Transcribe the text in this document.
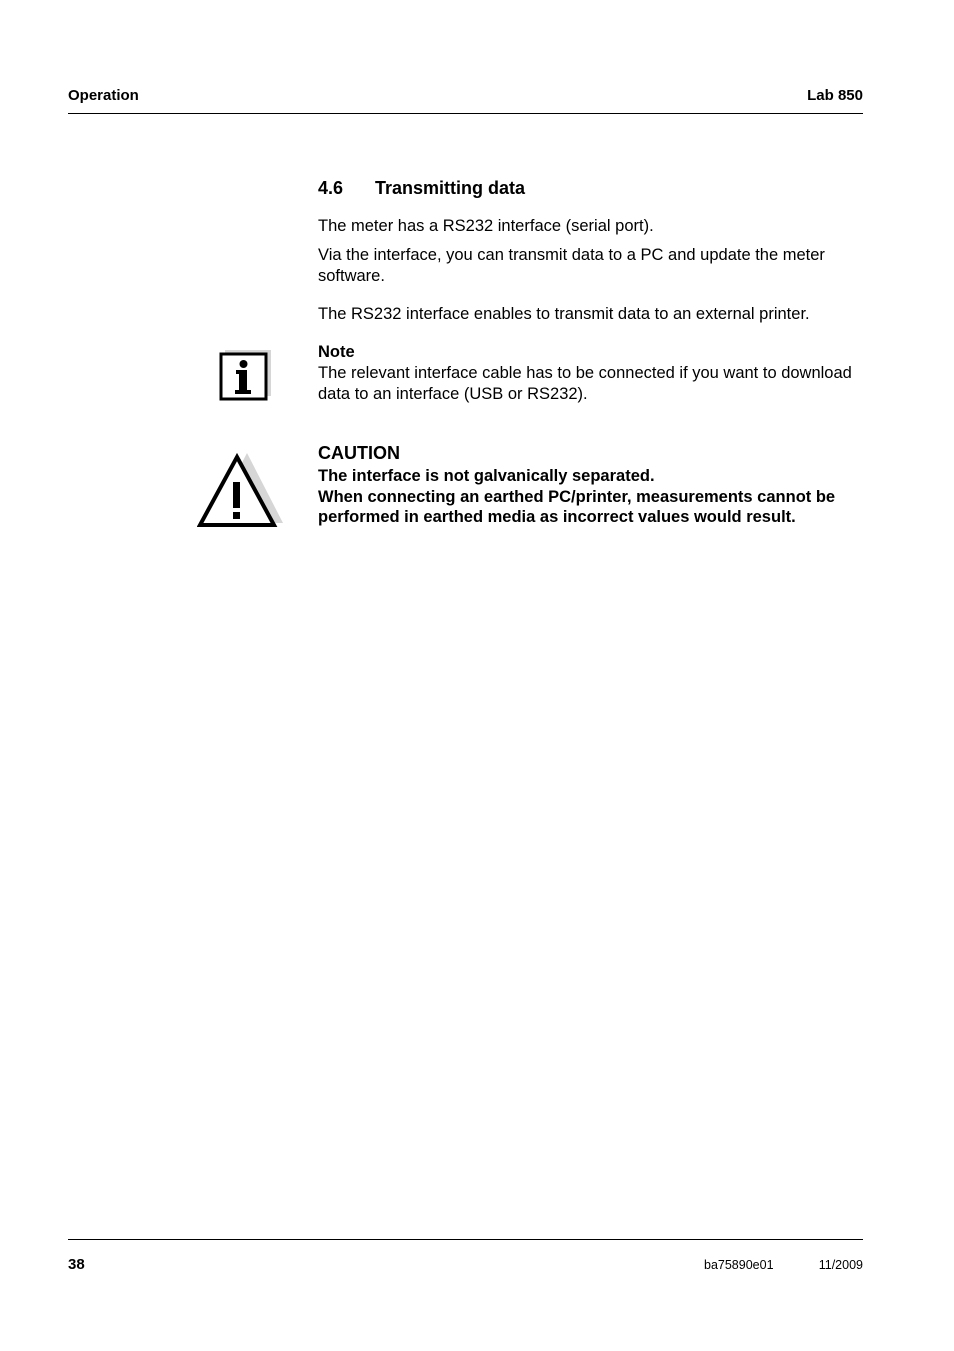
Operation	Lab 850
4.6 Transmitting data
The meter has a RS232 interface (serial port).
Via the interface, you can transmit data to a PC and update the meter software.
The RS232 interface enables to transmit data to an external printer.
Note
The relevant interface cable has to be connected if you want to download data to an interface (USB or RS232).
CAUTION

The interface is not galvanically separated.

When connecting an earthed PC/printer, measurements cannot be performed in earthed media as incorrect values would result.

38	ba75890e01	11/2009
